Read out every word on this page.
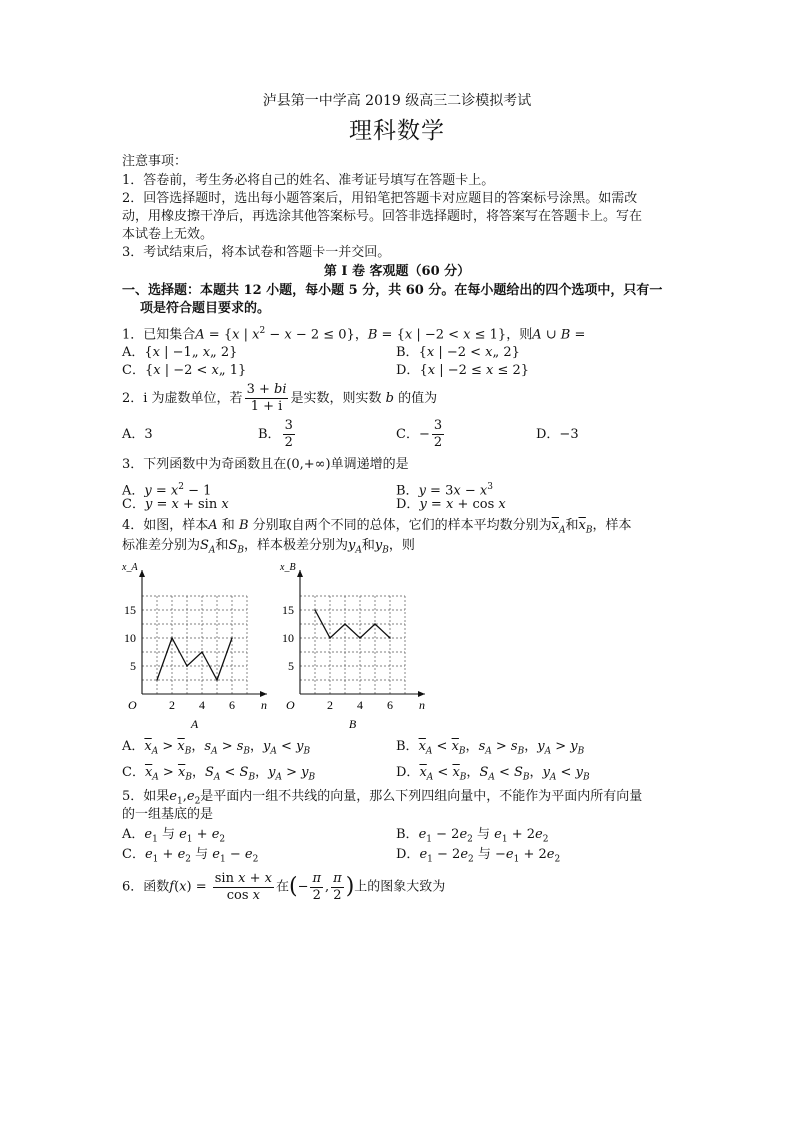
泸县第一中学高 2019 级高三二诊模拟考试
理科数学
注意事项：
1．答卷前，考生务必将自己的姓名、准考证号填写在答题卡上。
2．回答选择题时，选出每小题答案后，用铅笔把答题卡对应题目的答案标号涂黑。如需改
动，用橡皮擦干净后，再选涂其他答案标号。回答非选择题时，将答案写在答题卡上。写在
本试卷上无效。
3．考试结束后，将本试卷和答题卡一并交回。
第 I 卷 客观题（60 分）
一、选择题：本题共 12 小题，每小题 5 分，共 60 分。在每小题给出的四个选项中，只有一
项是符合题目要求的。
1．已知集合A = {x | $x^2 - x - 2 \le 0$}，B = {x | −2 < x ≤ 1}，则A ∪ B =
A．{x | −1„ x„ 2}	B．{x | −2 < x„ 2}
C．{x | −2 < x„ 1}	D．{x | −2 ≤ x ≤ 2}
2．i 为虚数单位，若 $\frac{3 + bi}{1 + i}$ 是实数，则实数 b 的值为
A．3	B． $\frac{3}{2}$	C．− $\frac{3}{2}$	D．−3
3．下列函数中为奇函数且在(0,+∞)单调递增的是
A．$y = x^2 - 1$	B．$y = 3x - x^3$
C．y = x + sin x	D．y = x + cos x
4．如图，样本A 和 B 分别取自两个不同的总体，它们的样本平均数分别为$\overline{x}_A$和$\overline{x}_B$，样本
标准差分别为$S_A$和$S_B$，样本极差分别为$y_A$和$y_B$，则
2 4 6
5
10
15
O	n
x_A
A
2 4 6
5
10
15
O	n
x_B
B
A．$\overline{x}_A > \overline{x}_B$，$s_A > s_B$，$y_A < y_B$	B．$\overline{x}_A < \overline{x}_B$，$s_A > s_B$，$y_A > y_B$
C．$\overline{x}_A > \overline{x}_B$，$S_A < S_B$，$y_A > y_B$	D．$\overline{x}_A < \overline{x}_B$，$S_A < S_B$，$y_A < y_B$
5．如果$e_1,e_2$是平面内一组不共线的向量，那么下列四组向量中，不能作为平面内所有向量
的一组基底的是
A．$e_1$ 与 $e_1 + e_2$	B．$e_1 - 2e_2$ 与 $e_1 + 2e_2$
C．$e_1 + e_2$ 与 $e_1 - e_2$	D．$e_1 - 2e_2$ 与 $-e_1 + 2e_2$
6．函数$f(x) = \frac{\text{sin x + x}}{\text{cos x}}$ 在(− $\frac{\pi}{2}$ , $\frac{\pi}{2}$ )上的图象大致为
